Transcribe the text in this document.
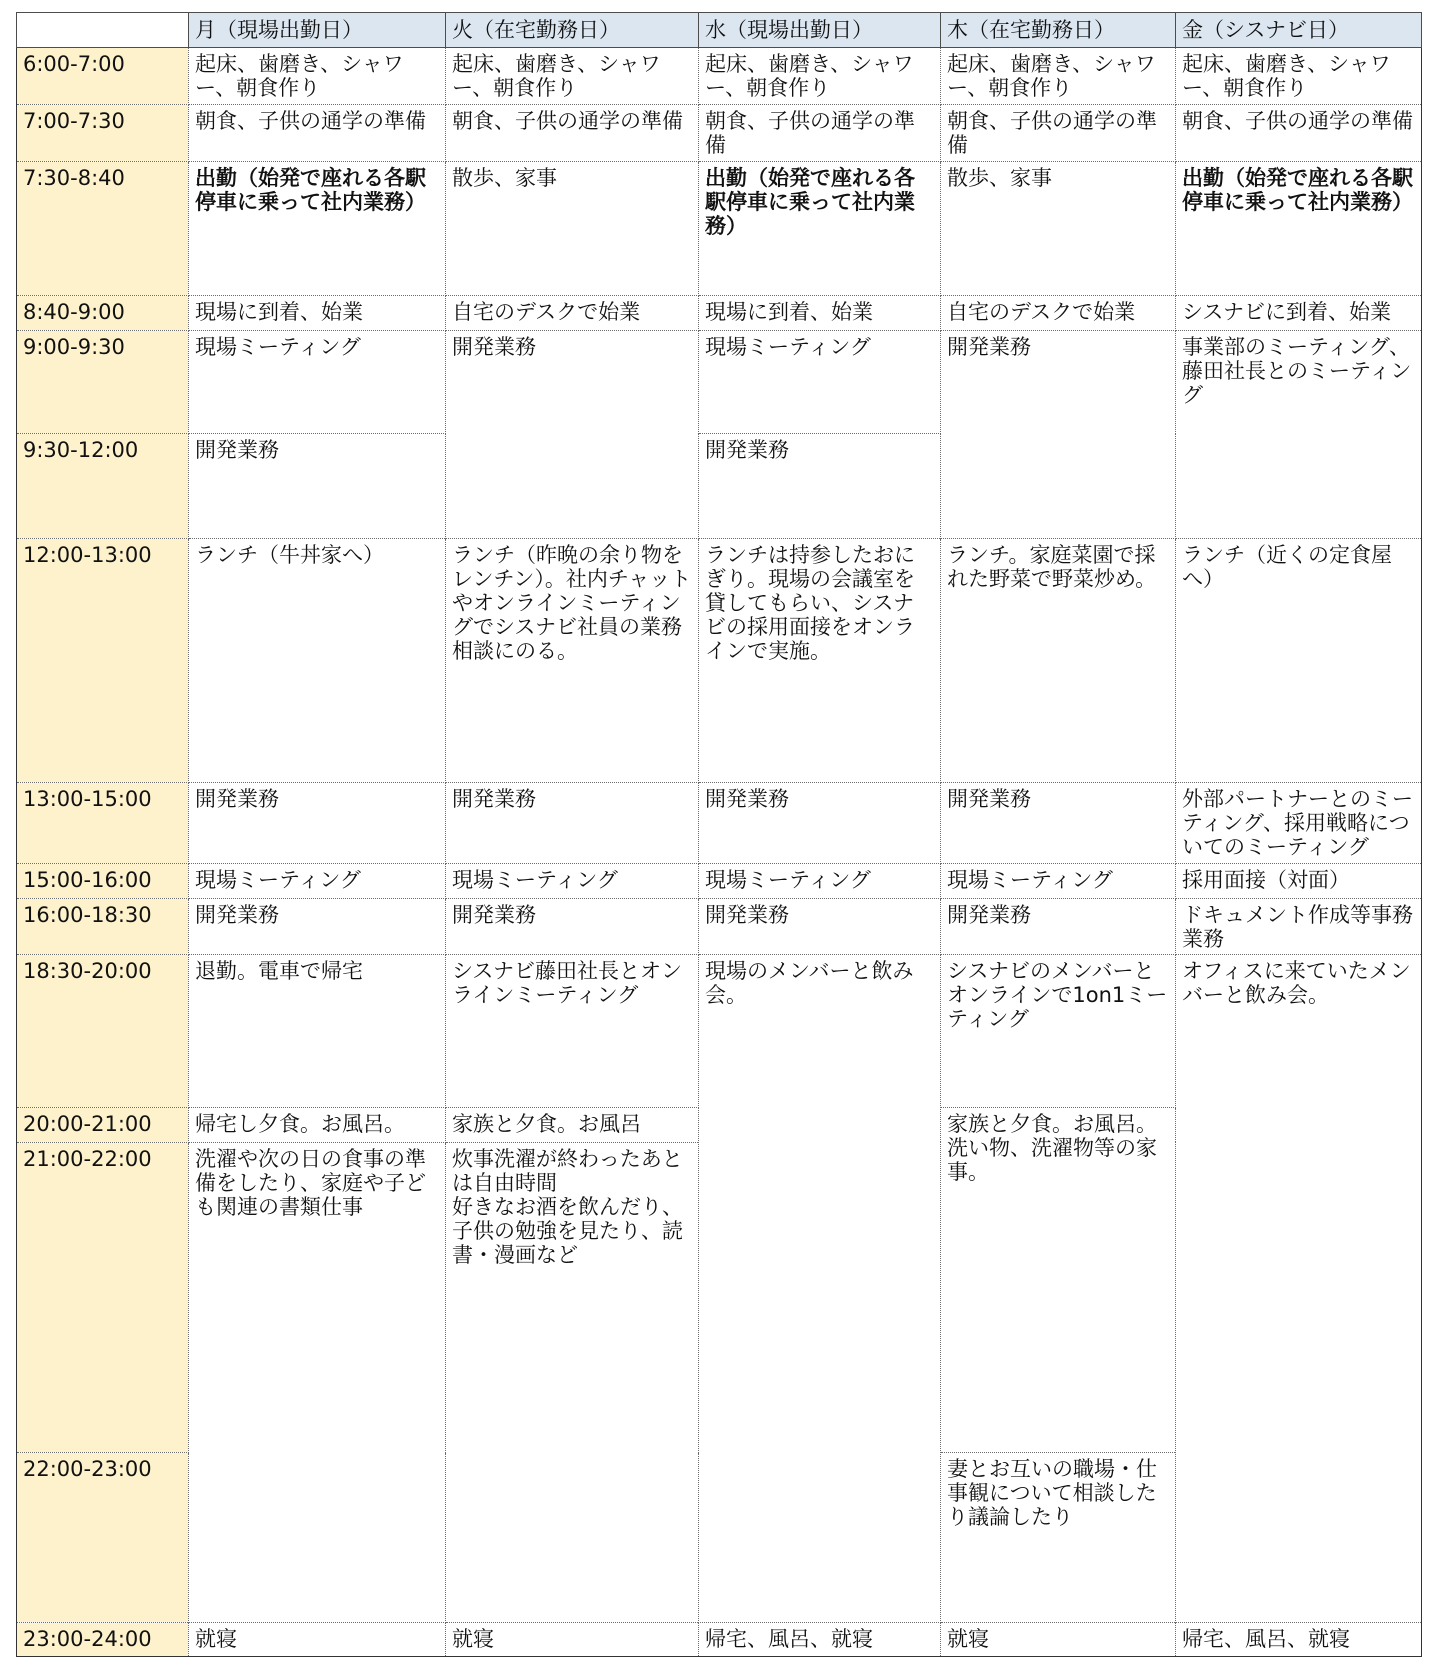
	月（現場出勤日）	火（在宅勤務日）	水（現場出勤日）	木（在宅勤務日）	金（シスナビ日）
6:00-7:00	起床、歯磨き、シャワー、朝食作り	起床、歯磨き、シャワー、朝食作り	起床、歯磨き、シャワー、朝食作り	起床、歯磨き、シャワー、朝食作り	起床、歯磨き、シャワー、朝食作り
7:00-7:30	朝食、子供の通学の準備	朝食、子供の通学の準備	朝食、子供の通学の準備	朝食、子供の通学の準備	朝食、子供の通学の準備
7:30-8:40	出勤（始発で座れる各駅停車に乗って社内業務）	散歩、家事	出勤（始発で座れる各駅停車に乗って社内業務）	散歩、家事	出勤（始発で座れる各駅停車に乗って社内業務）
8:40-9:00	現場に到着、始業	自宅のデスクで始業	現場に到着、始業	自宅のデスクで始業	シスナビに到着、始業
9:00-9:30	現場ミーティング	開発業務	現場ミーティング	開発業務	事業部のミーティング、藤田社長とのミーティング
9:30-12:00	開発業務		開発業務		
12:00-13:00	ランチ（牛丼家へ）	ランチ（昨晩の余り物をレンチン）。社内チャットやオンラインミーティングでシスナビ社員の業務相談にのる。	ランチは持参したおにぎり。現場の会議室を貸してもらい、シスナビの採用面接をオンラインで実施。	ランチ。家庭菜園で採れた野菜で野菜炒め。	ランチ（近くの定食屋へ）
13:00-15:00	開発業務	開発業務	開発業務	開発業務	外部パートナーとのミーティング、採用戦略についてのミーティング
15:00-16:00	現場ミーティング	現場ミーティング	現場ミーティング	現場ミーティング	採用面接（対面）
16:00-18:30	開発業務	開発業務	開発業務	開発業務	ドキュメント作成等事務業務
18:30-20:00	退勤。電車で帰宅	シスナビ藤田社長とオンラインミーティング	現場のメンバーと飲み会。	シスナビのメンバーとオンラインで1on1ミーティング	オフィスに来ていたメンバーと飲み会。
20:00-21:00	帰宅し夕食。お風呂。	家族と夕食。お風呂		家族と夕食。お風呂。洗い物、洗濯物等の家事。	
21:00-22:00	洗濯や次の日の食事の準備をしたり、家庭や子ども関連の書類仕事	炊事洗濯が終わったあとは自由時間
好きなお酒を飲んだり、子供の勉強を見たり、読書・漫画など			
22:00-23:00				妻とお互いの職場・仕事観について相談したり議論したり	
23:00-24:00	就寝	就寝	帰宅、風呂、就寝	就寝	帰宅、風呂、就寝
